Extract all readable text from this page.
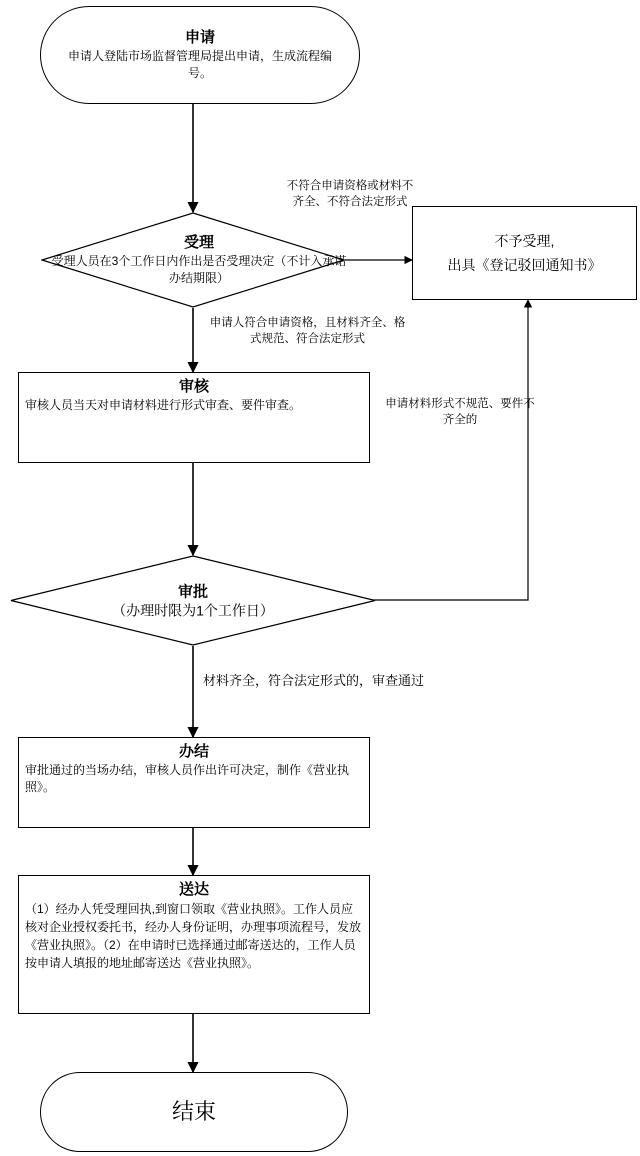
申请
申请人登陆市场监督管理局提出申请，生成流程编号。
受理
受理人员在3个工作日内作出是否受理决定（不计入承诺办结期限）
不予受理,
出具《登记驳回通知书》
不符合申请资格或材料不齐全、不符合法定形式
申请人符合申请资格，且材料齐全、格式规范、符合法定形式
审核
审核人员当天对申请材料进行形式审查、要件审查。	申请材料形式不规范、要件不齐全的
审批
（办理时限为1个工作日）
材料齐全，符合法定形式的，审查通过
办结
审批通过的当场办结，审核人员作出许可决定，制作《营业执照》。
送达
（1）经办人凭受理回执,到窗口领取《营业执照》。工作人员应核对企业授权委托书，经办人身份证明，办理事项流程号，发放《营业执照》。（2）在申请时已选择通过邮寄送达的，工作人员按申请人填报的地址邮寄送达《营业执照》。
结束
